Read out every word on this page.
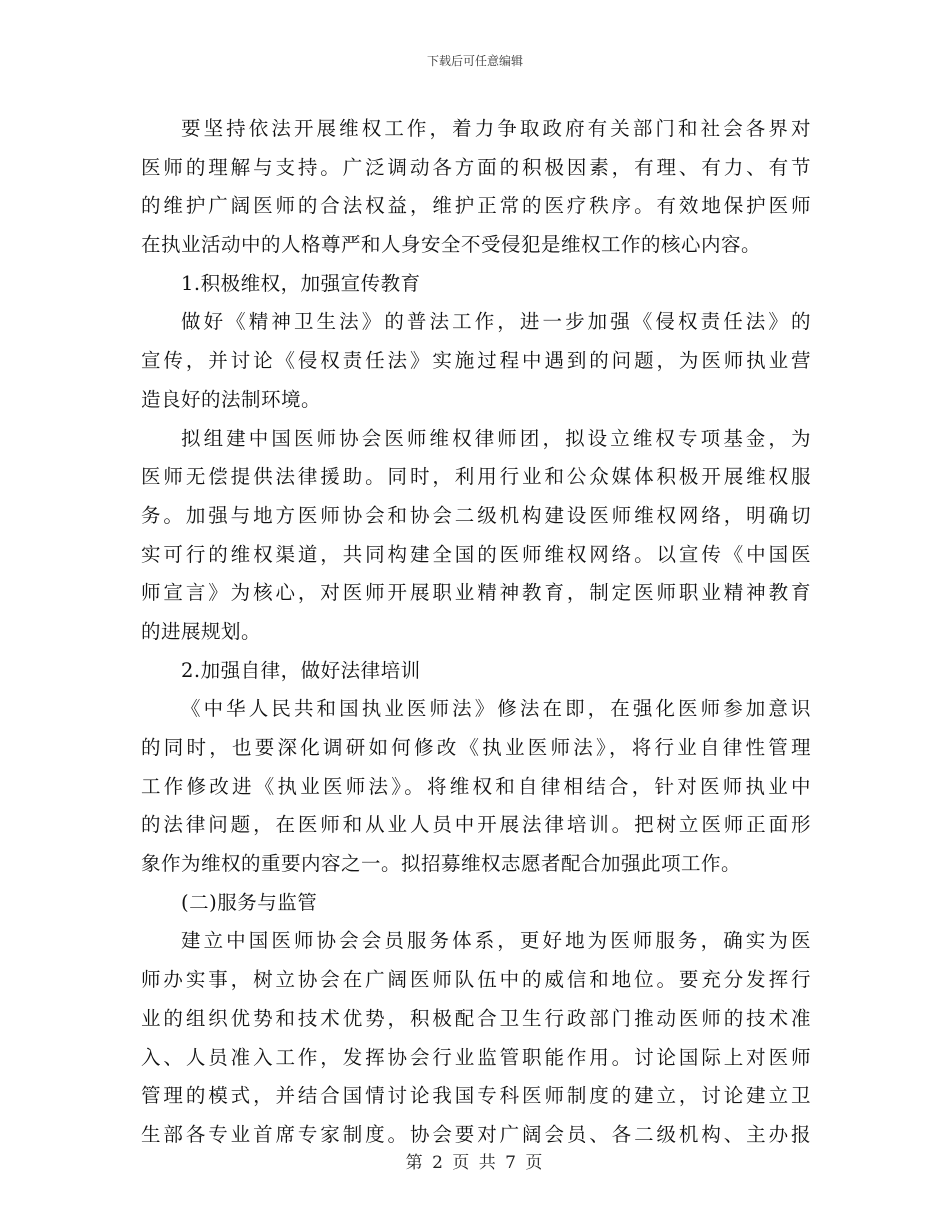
下载后可任意编辑
要坚持依法开展维权工作，着力争取政府有关部门和社会各界对
医师的理解与支持。广泛调动各方面的积极因素，有理、有力、有节
的维护广阔医师的合法权益，维护正常的医疗秩序。有效地保护医师
在执业活动中的人格尊严和人身安全不受侵犯是维权工作的核心内容。
1.积极维权，加强宣传教育
做好《精神卫生法》的普法工作，进一步加强《侵权责任法》的
宣传，并讨论《侵权责任法》实施过程中遇到的问题，为医师执业营
造良好的法制环境。
拟组建中国医师协会医师维权律师团，拟设立维权专项基金，为
医师无偿提供法律援助。同时，利用行业和公众媒体积极开展维权服
务。加强与地方医师协会和协会二级机构建设医师维权网络，明确切
实可行的维权渠道，共同构建全国的医师维权网络。以宣传《中国医
师宣言》为核心，对医师开展职业精神教育，制定医师职业精神教育
的进展规划。
2.加强自律，做好法律培训
《中华人民共和国执业医师法》修法在即，在强化医师参加意识
的同时，也要深化调研如何修改《执业医师法》，将行业自律性管理
工作修改进《执业医师法》。将维权和自律相结合，针对医师执业中
的法律问题，在医师和从业人员中开展法律培训。把树立医师正面形
象作为维权的重要内容之一。拟招募维权志愿者配合加强此项工作。
(二)服务与监管
建立中国医师协会会员服务体系，更好地为医师服务，确实为医
师办实事，树立协会在广阔医师队伍中的威信和地位。要充分发挥行
业的组织优势和技术优势，积极配合卫生行政部门推动医师的技术准
入、人员准入工作，发挥协会行业监管职能作用。讨论国际上对医师
管理的模式，并结合国情讨论我国专科医师制度的建立，讨论建立卫
生部各专业首席专家制度。协会要对广阔会员、各二级机构、主办报
第 2 页 共 7 页
